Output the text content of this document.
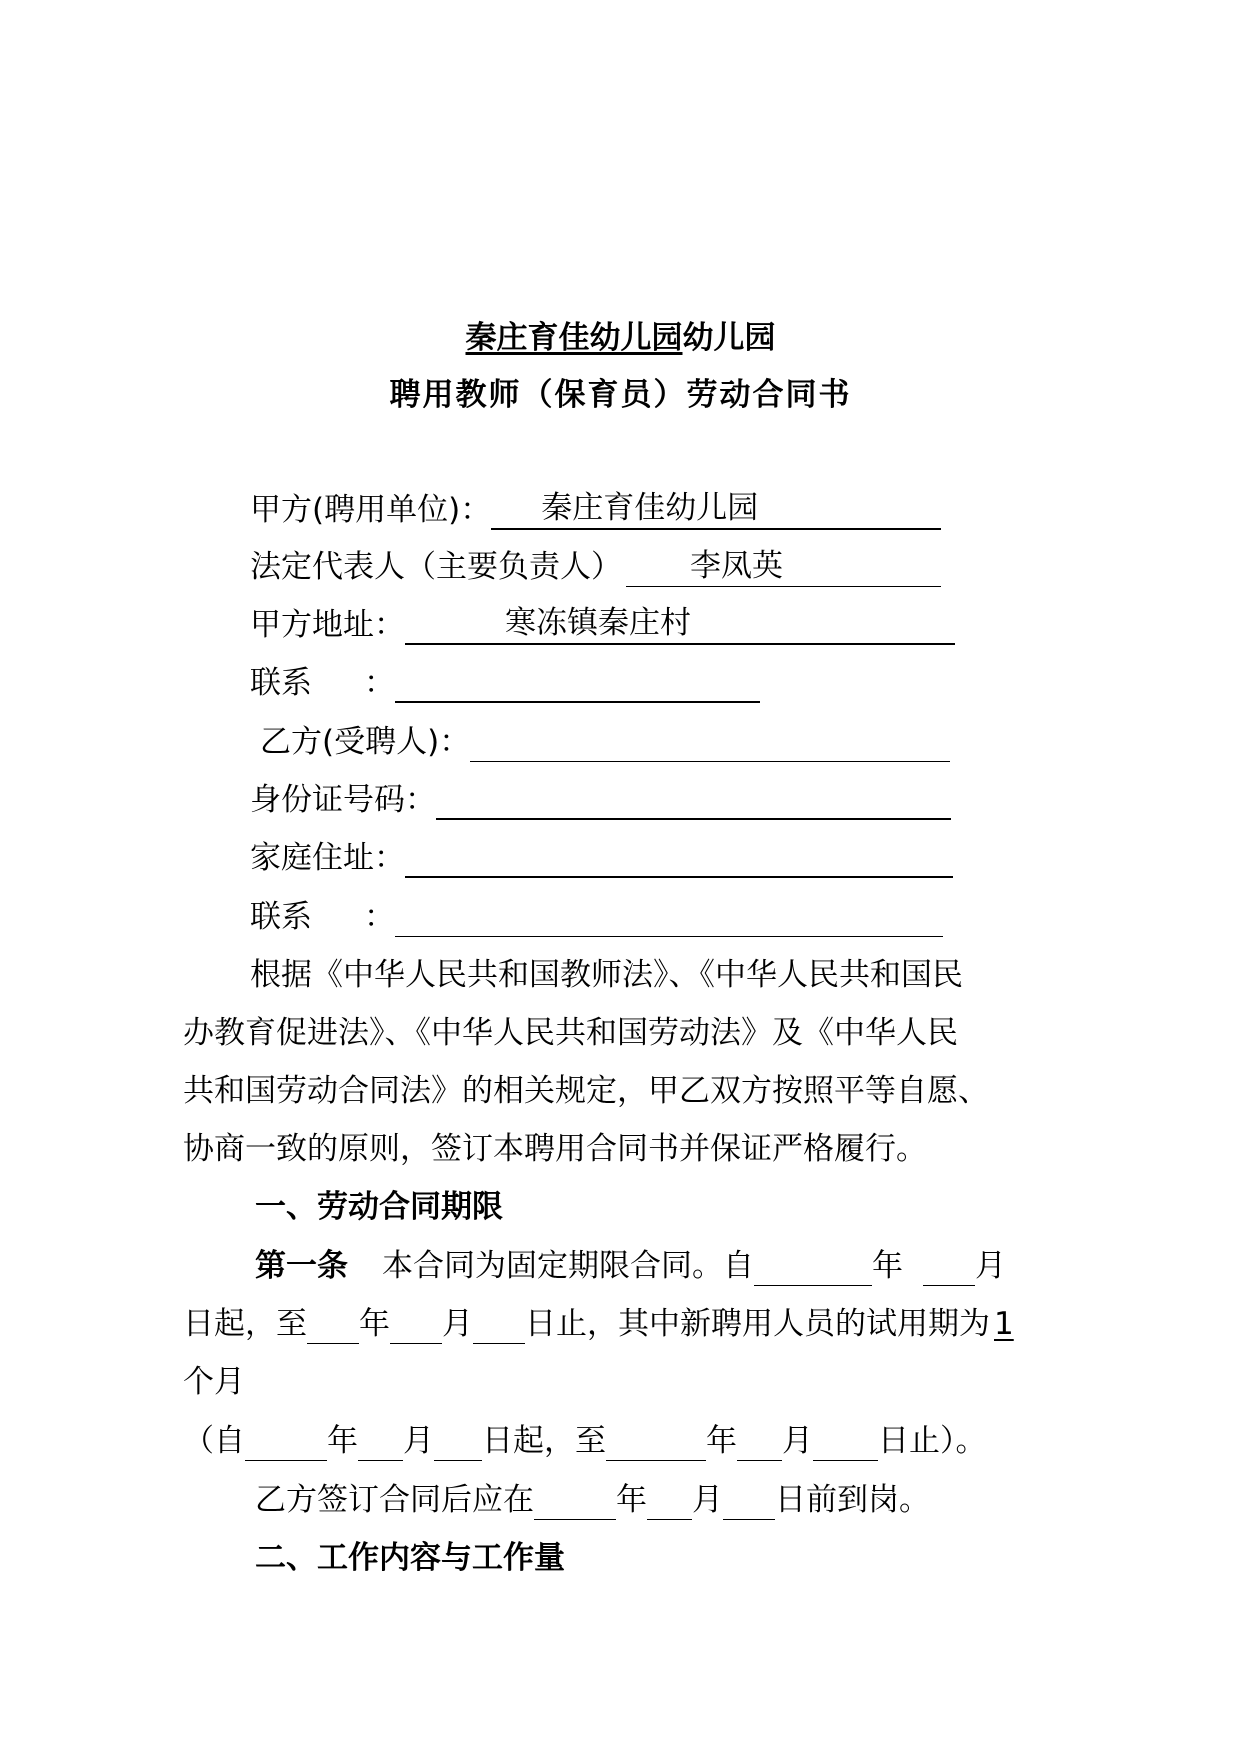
秦庄育佳幼儿园幼儿园
聘用教师（保育员）劳动合同书
甲方(聘用单位)： 秦庄育佳幼儿园
法定代表人（主要负责人） 李凤英
甲方地址：	寒冻镇秦庄村
联系 ：
乙方(受聘人)：
身份证号码：
家庭住址：
联系 ：
根据《中华人民共和国教师法》、《中华人民共和国民
办教育促进法》、《中华人民共和国劳动法》及《中华人民
共和国劳动合同法》的相关规定，甲乙双方按照平等自愿、
协商一致的原则，签订本聘用合同书并保证严格履行。
一、劳动合同期限
第一条 本合同为固定期限合同。自	年 月
日起，至 年 月 日止，其中新聘用人员的试用期为 1
个月
（自	年 月 日起，至	年 月 日止）。
乙方签订合同后应在	年 月 日前到岗。
二、工作内容与工作量
